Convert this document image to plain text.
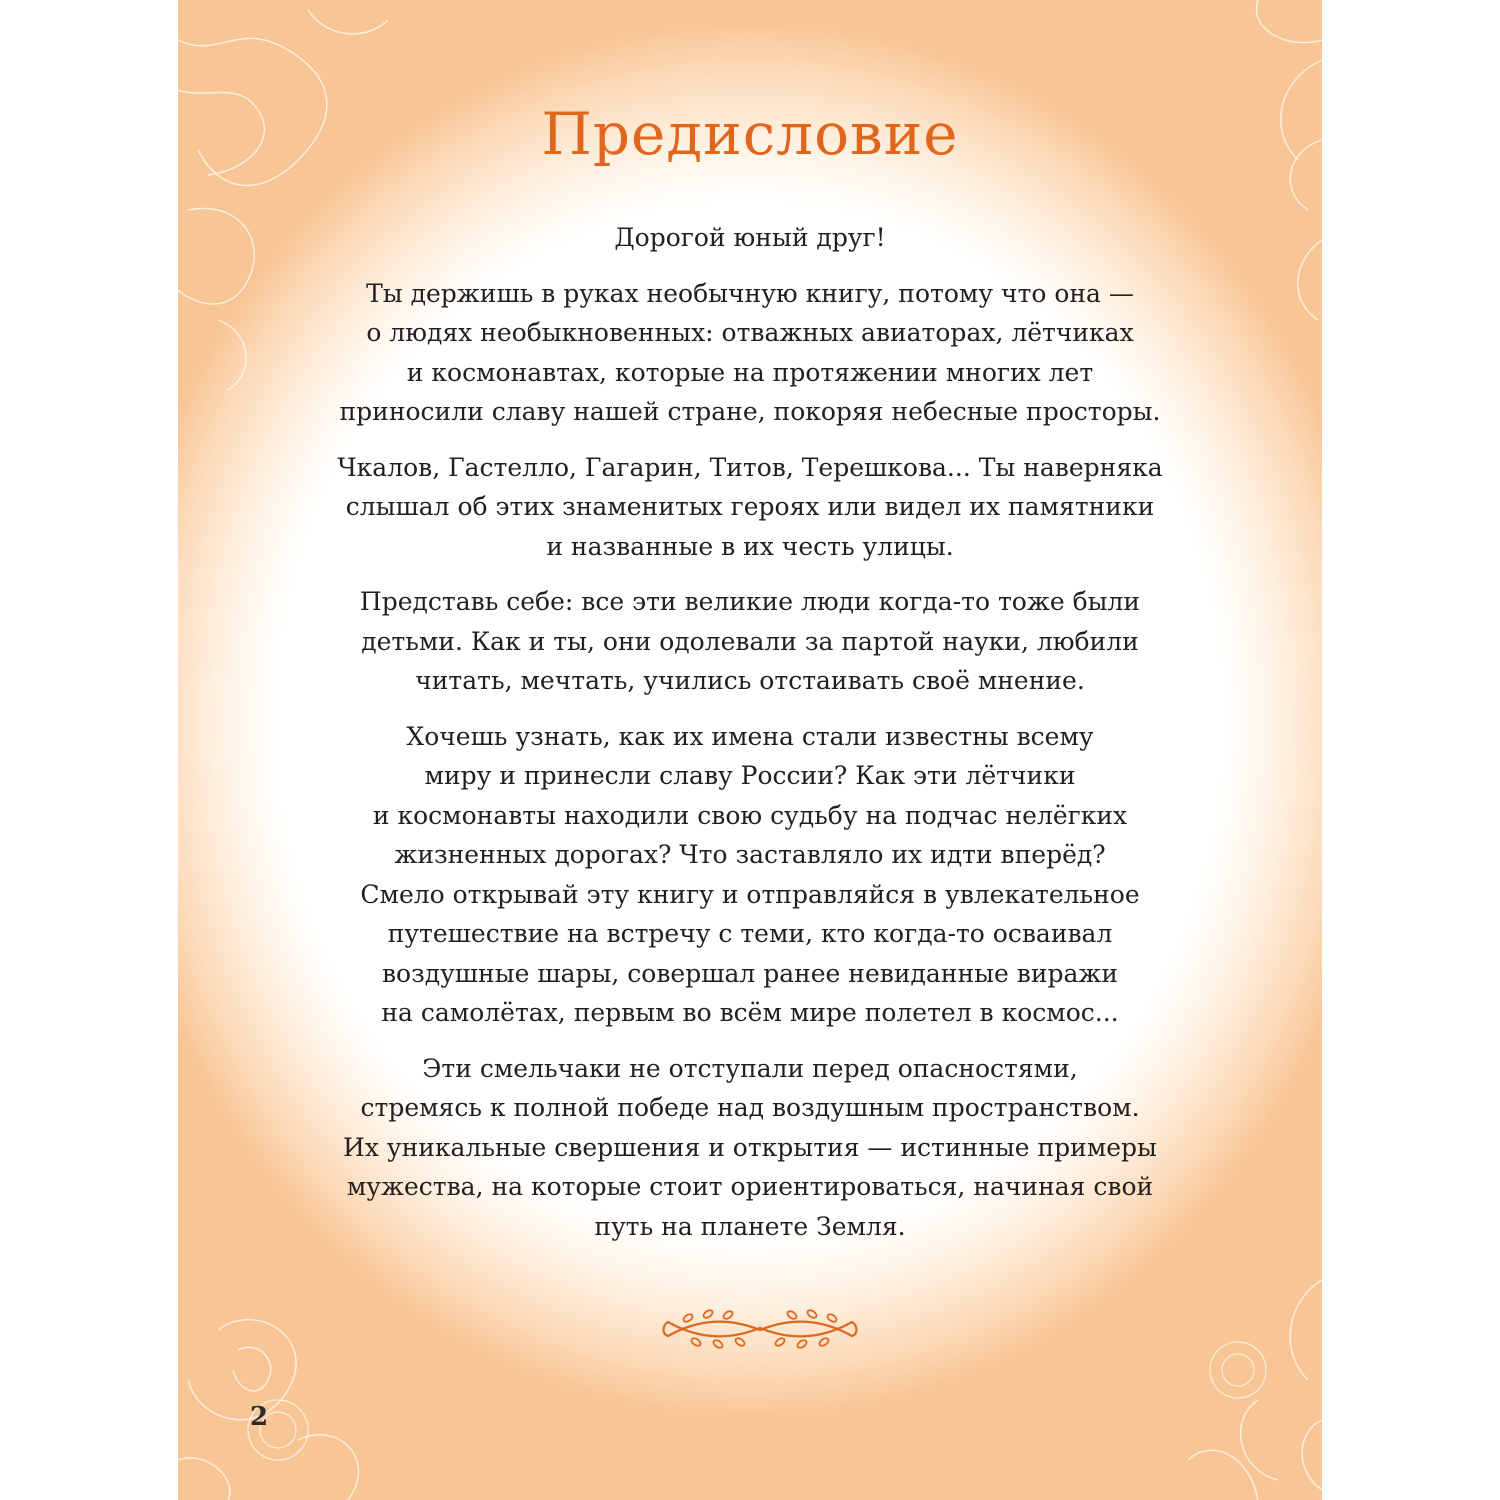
Предисловие

Дорогой юный друг!

Ты держишь в руках необычную книгу, потому что она —
о людях необыкновенных: отважных авиаторах, лётчиках
и космонавтах, которые на протяжении многих лет
приносили славу нашей стране, покоряя небесные просторы.

Чкалов, Гастелло, Гагарин, Титов, Терешкова... Ты наверняка
слышал об этих знаменитых героях или видел их памятники
и названные в их честь улицы.

Представь себе: все эти великие люди когда-то тоже были
детьми. Как и ты, они одолевали за партой науки, любили
читать, мечтать, учились отстаивать своё мнение.

Хочешь узнать, как их имена стали известны всему
миру и принесли славу России? Как эти лётчики
и космонавты находили свою судьбу на подчас нелёгких
жизненных дорогах? Что заставляло их идти вперёд?
Смело открывай эту книгу и отправляйся в увлекательное
путешествие на встречу с теми, кто когда-то осваивал
воздушные шары, совершал ранее невиданные виражи
на самолётах, первым во всём мире полетел в космос...

Эти смельчаки не отступали перед опасностями,
стремясь к полной победе над воздушным пространством.
Их уникальные свершения и открытия — истинные примеры
мужества, на которые стоит ориентироваться, начиная свой
путь на планете Земля.

2
